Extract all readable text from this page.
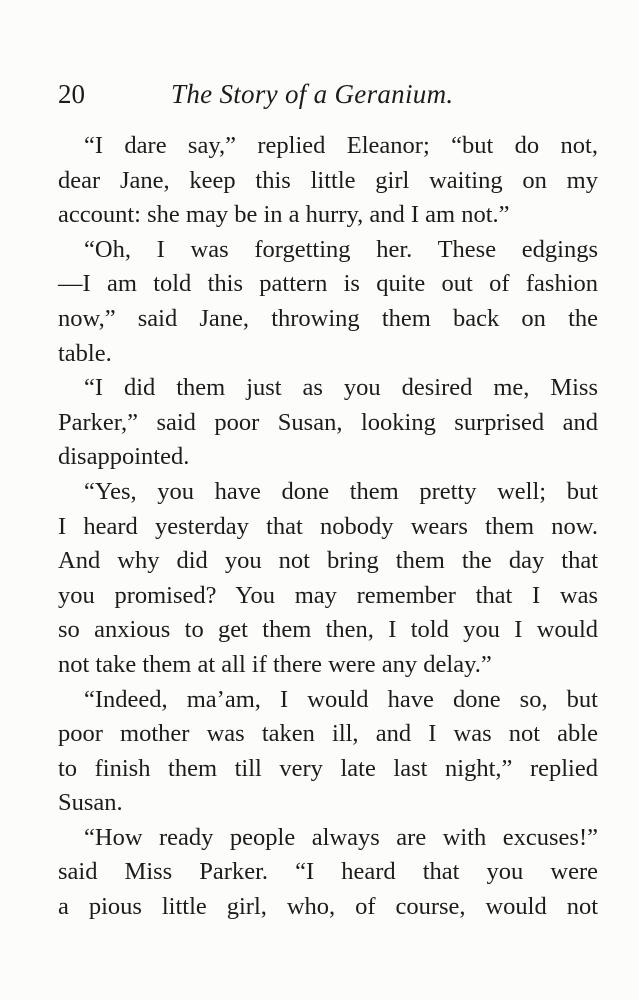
20	The Story of a Geranium.

“I dare say,” replied Eleanor; “but do not,
dear Jane, keep this little girl waiting on my
account: she may be in a hurry, and I am not.”

“Oh, I was forgetting her. These edgings
—I am told this pattern is quite out of fashion
now,” said Jane, throwing them back on the
table.

“I did them just as you desired me, Miss
Parker,” said poor Susan, looking surprised and
disappointed.

“Yes, you have done them pretty well; but
I heard yesterday that nobody wears them now.
And why did you not bring them the day that
you promised? You may remember that I was
so anxious to get them then, I told you I would
not take them at all if there were any delay.”

“Indeed, ma’am, I would have done so, but
poor mother was taken ill, and I was not able
to finish them till very late last night,” replied
Susan.

“How ready people always are with excuses!”
said Miss Parker. “I heard that you were
a pious little girl, who, of course, would not
